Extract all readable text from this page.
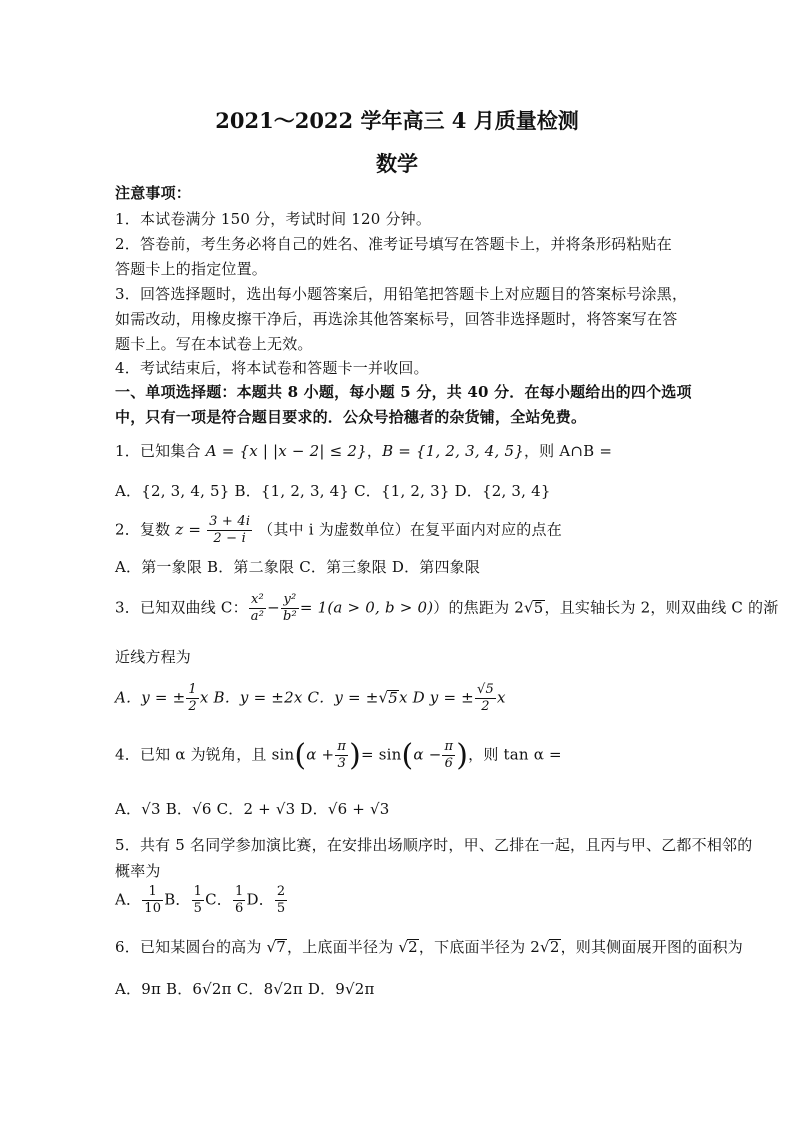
2021～2022 学年高三 4 月质量检测
数学
注意事项：
1．本试卷满分 150 分，考试时间 120 分钟。
2．答卷前，考生务必将自己的姓名、准考证号填写在答题卡上，并将条形码粘贴在
答题卡上的指定位置。
3．回答选择题时，选出每小题答案后，用铅笔把答题卡上对应题目的答案标号涂黑，
如需改动，用橡皮擦干净后，再选涂其他答案标号，回答非选择题时，将答案写在答
题卡上。写在本试卷上无效。
4．考试结束后，将本试卷和答题卡一并收回。
一、单项选择题：本题共 8 小题，每小题 5 分，共 40 分．在每小题给出的四个选项
中，只有一项是符合题目要求的．公众号拾穗者的杂货铺，全站免费。
1．已知集合 A = {x | |x − 2| ≤ 2}，B = {1, 2, 3, 4, 5}，则 A∩B =
A．{2, 3, 4, 5} B．{1, 2, 3, 4} C．{1, 2, 3} D．{2, 3, 4}
2．复数 $z = \frac{3 + 4i}{2 - i}$ （其中 i 为虚数单位）在复平面内对应的点在
A．第一象限 B．第二象限 C．第三象限 D．第四象限
3．已知双曲线 C： $\frac{\text{x²}}{\text{a²}} - \frac{\text{y²}}{\text{b²}} = 1(a > 0$, b > 0)）的焦距为 2√5，且实轴长为 2，则双曲线 C 的渐
近线方程为
A．y = ± $\frac{1}{2}$ x B．y = ±2x C．y = ±√5x D y = ± $\frac{√5}{2}$ x
4．已知 α 为锐角，且 $\sin(\alpha + \frac{\pi}{3}$ )= $\sin(\alpha - \frac{\pi}{6}$ )，则 tan α =
A．√3 B．√6 C．2 + √3 D．√6 + √3
5．共有 5 名同学参加演比赛，在安排出场顺序时，甲、乙排在一起，且丙与甲、乙都不相邻的
概率为
A． $\frac{1}{10}$ B． $\frac{1}{5}$ C． $\frac{1}{6}$ D． $\frac{2}{5}$
6．已知某圆台的高为 √7，上底面半径为 √2，下底面半径为 2√2，则其侧面展开图的面积为
A．9π B．6√2π C．8√2π D．9√2π
